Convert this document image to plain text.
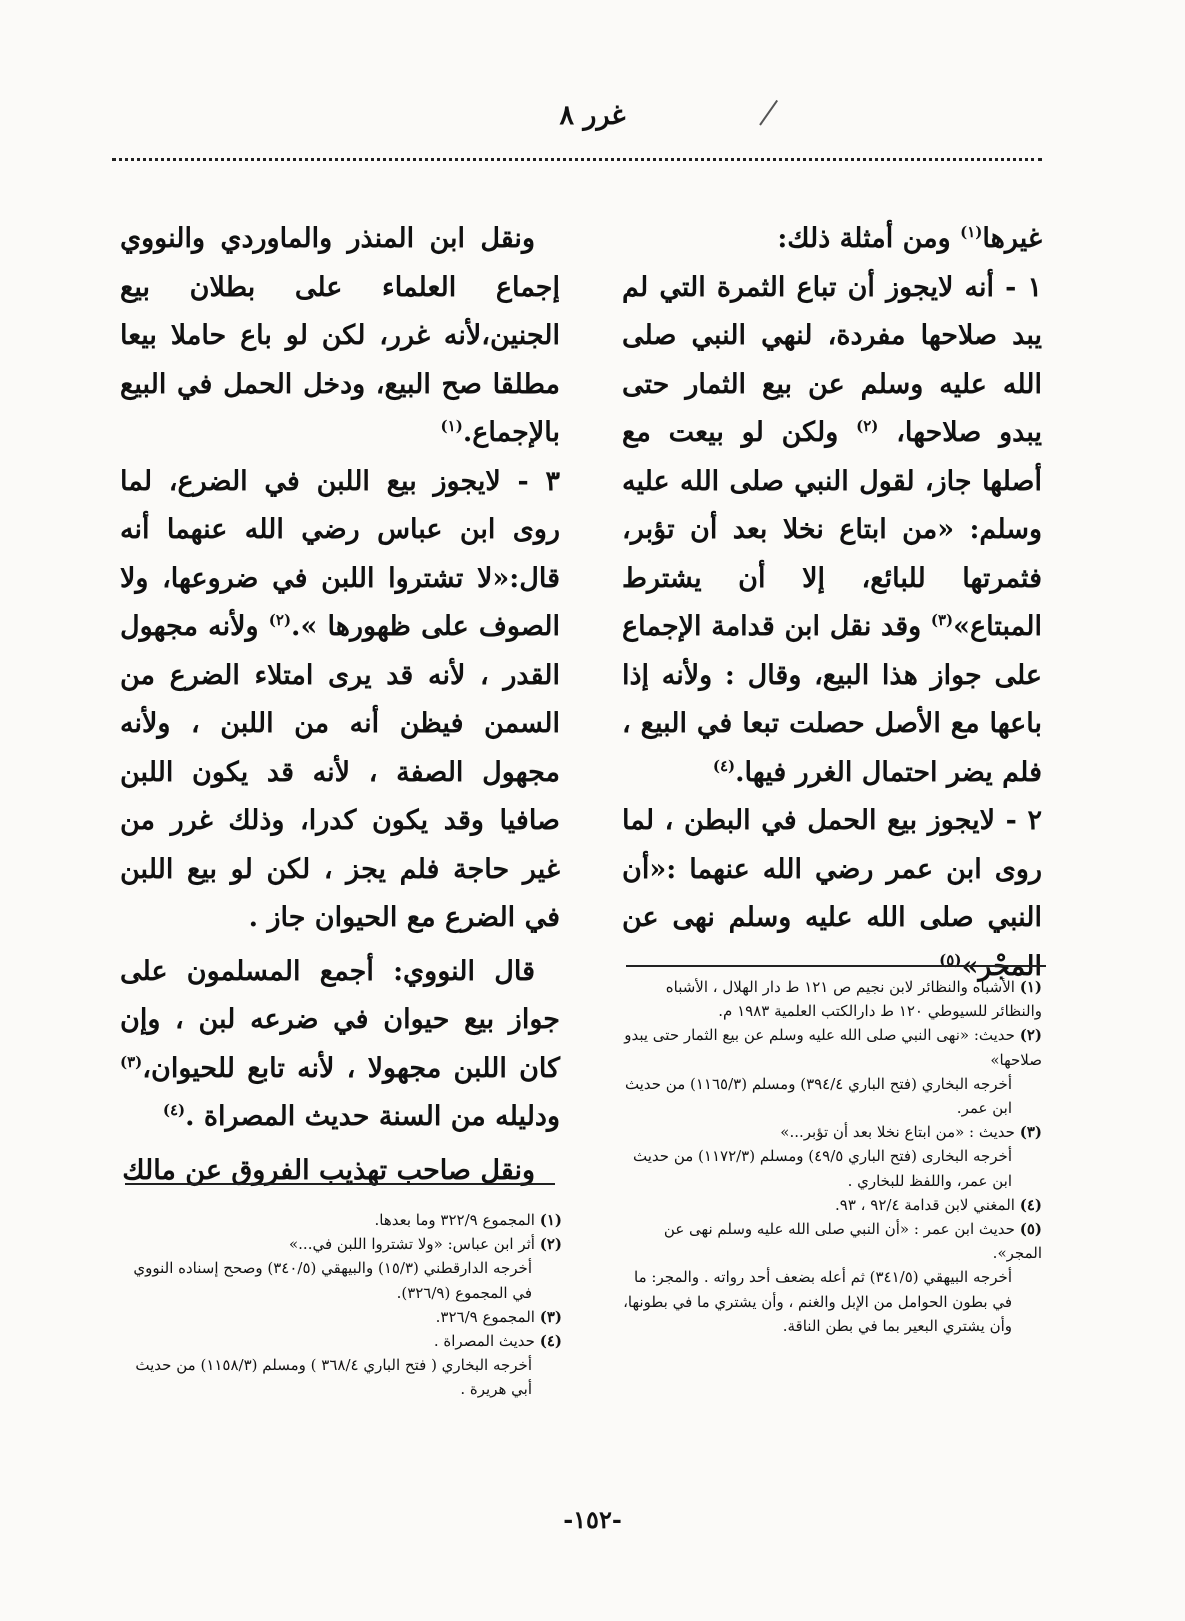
غرر ٨

غيرها$^{(١)}$ ومن أمثلة ذلك:

١ - أنه لايجوز أن تباع الثمرة التي لم يبد صلاحها مفردة، لنهي النبي صلى الله عليه وسلم عن بيع الثمار حتى يبدو صلاحها، $^{(٢)}$ ولكن لو بيعت مع أصلها جاز، لقول النبي صلى الله عليه وسلم: «من ابتاع نخلا بعد أن تؤبر، فثمرتها للبائع، إلا أن يشترط المبتاع»$^{(٣)}$ وقد نقل ابن قدامة الإجماع على جواز هذا البيع، وقال : ولأنه إذا باعها مع الأصل حصلت تبعا في البيع ، فلم يضر احتمال الغرر فيها.$^{(٤)}$

٢ - لايجوز بيع الحمل في البطن ، لما روى ابن عمر رضي الله عنهما :«أن النبي صلى الله عليه وسلم نهى عن المجْر»$^{(٥)}$

ونقل ابن المنذر والماوردي والنووي إجماع العلماء على بطلان بيع الجنين،لأنه غرر، لكن لو باع حاملا بيعا مطلقا صح البيع، ودخل الحمل في البيع بالإجماع.$^{(١)}$

٣ - لايجوز بيع اللبن في الضرع، لما روى ابن عباس رضي الله عنهما أنه قال:«لا تشتروا اللبن في ضروعها، ولا الصوف على ظهورها ».$^{(٢)}$ ولأنه مجهول القدر ، لأنه قد يرى امتلاء الضرع من السمن فيظن أنه من اللبن ، ولأنه مجهول الصفة ، لأنه قد يكون اللبن صافيا وقد يكون كدرا، وذلك غرر من غير حاجة فلم يجز ، لكن لو بيع اللبن في الضرع مع الحيوان جاز .

قال النووي: أجمع المسلمون على جواز بيع حيوان في ضرعه لبن ، وإن كان اللبن مجهولا ، لأنه تابع للحيوان،$^{(٣)}$ ودليله من السنة حديث المصراة .$^{(٤)}$

ونقل صاحب تهذيب الفروق عن مالك

(١) الأشباه والنظائر لابن نجيم ص ١٢١ ط دار الهلال ، الأشباه والنظائر للسيوطي ١٢٠ ط دارالكتب العلمية ١٩٨٣ م.

(٢) حديث: «نهى النبي صلى الله عليه وسلم عن بيع الثمار حتى يبدو صلاحها»

أخرجه البخاري (فتح الباري ٣٩٤/٤) ومسلم (١١٦٥/٣) من حديث ابن عمر.

(٣) حديث : «من ابتاع نخلا بعد أن تؤبر...»

أخرجه البخارى (فتح الباري ٤٩/٥) ومسلم (١١٧٢/٣) من حديث ابن عمر، واللفظ للبخاري .

(٤) المغني لابن قدامة ٩٢/٤ ، ٩٣.

(٥) حديث ابن عمر : «أن النبي صلى الله عليه وسلم نهى عن المجر».

أخرجه البيهقي (٣٤١/٥) ثم أعله بضعف أحد رواته . والمجر: ما في بطون الحوامل من الإبل والغنم ، وأن يشتري ما في بطونها، وأن يشتري البعير بما في بطن الناقة.

(١) المجموع ٣٢٢/٩ وما بعدها.

(٢) أثر ابن عباس: «ولا تشتروا اللبن في...»

أخرجه الدارقطني (١٥/٣) والبيهقي (٣٤٠/٥) وصحح إسناده النووي في المجموع (٣٢٦/٩).

(٣) المجموع ٣٢٦/٩.

(٤) حديث المصراة .

أخرجه البخاري ( فتح الباري ٣٦٨/٤ ) ومسلم (١١٥٨/٣) من حديث أبي هريرة .

-١٥٢-
